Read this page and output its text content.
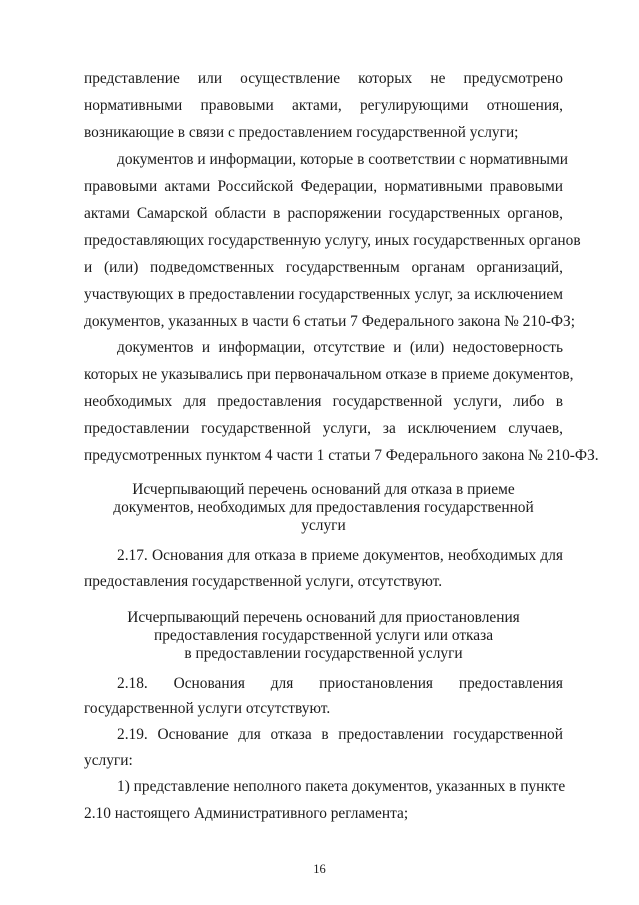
представление или осуществление которых не предусмотрено
нормативными правовыми актами, регулирующими отношения,
возникающие в связи с предоставлением государственной услуги;
документов и информации, которые в соответствии с нормативными
правовыми актами Российской Федерации, нормативными правовыми
актами Самарской области в распоряжении государственных органов,
предоставляющих государственную услугу, иных государственных органов
и (или) подведомственных государственным органам организаций,
участвующих в предоставлении государственных услуг, за исключением
документов, указанных в части 6 статьи 7 Федерального закона № 210-ФЗ;
документов и информации, отсутствие и (или) недостоверность
которых не указывались при первоначальном отказе в приеме документов,
необходимых для предоставления государственной услуги, либо в
предоставлении государственной услуги, за исключением случаев,
предусмотренных пунктом 4 части 1 статьи 7 Федерального закона № 210-ФЗ.
Исчерпывающий перечень оснований для отказа в приеме
документов, необходимых для предоставления государственной
услуги
2.17. Основания для отказа в приеме документов, необходимых для
предоставления государственной услуги, отсутствуют.
Исчерпывающий перечень оснований для приостановления
предоставления государственной услуги или отказа
в предоставлении государственной услуги
2.18. Основания для приостановления предоставления
государственной услуги отсутствуют.
2.19. Основание для отказа в предоставлении государственной
услуги:
1) представление неполного пакета документов, указанных в пункте
2.10 настоящего Административного регламента;
16
